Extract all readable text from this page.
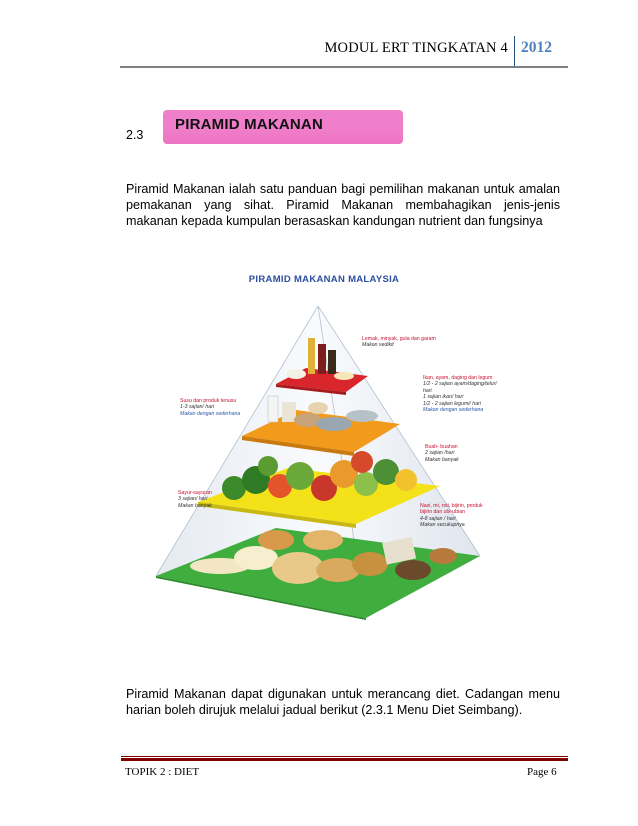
MODUL ERT TINGKATAN 4 2012
2.3
PIRAMID MAKANAN
Piramid Makanan ialah satu panduan bagi pemilihan makanan untuk amalan
pemakanan yang sihat. Piramid Makanan membahagikan jenis-jenis
makanan kepada kumpulan berasaskan kandungan nutrient dan fungsinya
PIRAMID MAKANAN MALAYSIA
Lemak, minyak, gula dan garam
Makan sedikit
Ikan, ayam, daging dan legum
1/2 - 2 sajian ayam/daging/telur/ hari
1 sajian ikan/ hari
1/2 - 2 sajian legumi/ hari
Makan dengan sederhana
Susu dan produk tenusu
1-3 sajian/ hari
Makan dengan sederhana
Buah- buahan
2 sajian /hari
Makan banyak
Sayur-sayuran
3 sajian/ hari
Makan banyak	Nasi, mi, roti, bijirin, produk bijirin dan ubi-ubian
4-8 sajian / hari
Makan secukupnya
Piramid Makanan dapat digunakan untuk merancang diet. Cadangan menu
harian boleh dirujuk melalui jadual berikut (2.3.1 Menu Diet Seimbang).
TOPIK 2 : DIET	Page 6
